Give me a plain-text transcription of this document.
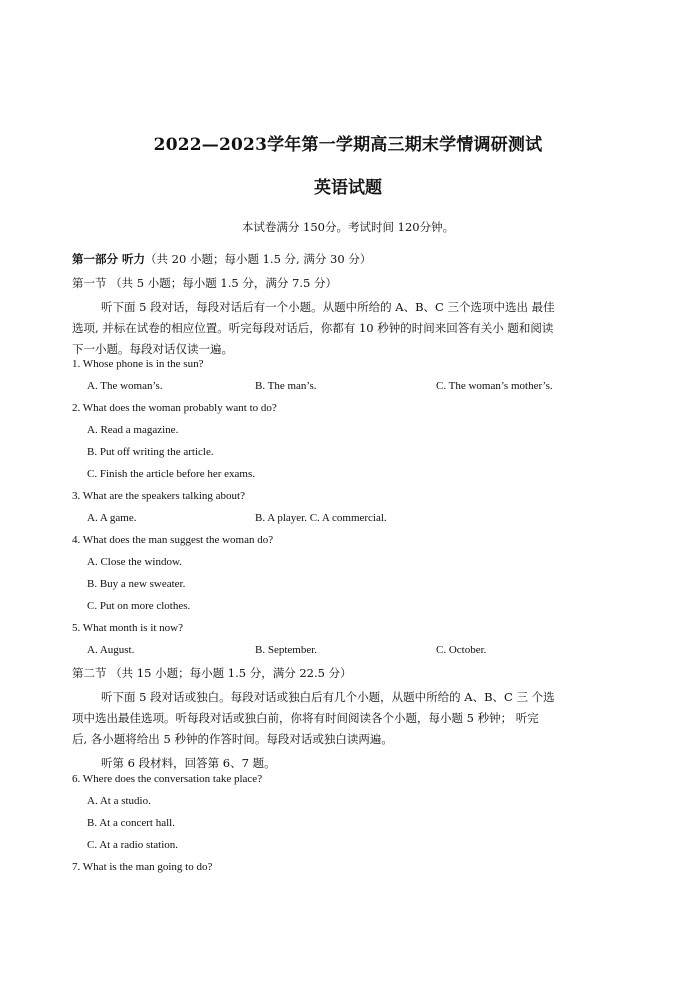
2022—2023学年第一学期高三期末学情调研测试
英语试题
本试卷满分 150分。考试时间 120分钟。
第一部分 听力（共 20 小题；每小题 1.5 分, 满分 30 分）
第一节 （共 5 小题；每小题 1.5 分，满分 7.5 分）
听下面 5 段对话，每段对话后有一个小题。从题中所给的 A、B、C 三个选项中选出 最佳
选项, 并标在试卷的相应位置。听完每段对话后，你都有 10 秒钟的时间来回答有关小 题和阅读
下一小题。每段对话仅读一遍。
1. Whose phone is in the sun?
A. The woman’s.	B. The man’s.	C. The woman’s mother’s.
2. What does the woman probably want to do?
A. Read a magazine.
B. Put off writing the article.
C. Finish the article before her exams.
3. What are the speakers talking about?
A. A game.	B. A player. C. A commercial.
4. What does the man suggest the woman do?
A. Close the window.
B. Buy a new sweater.
C. Put on more clothes.
5. What month is it now?
A. August.	B. September.	C. October.
第二节 （共 15 小题；每小题 1.5 分，满分 22.5 分）
听下面 5 段对话或独白。每段对话或独白后有几个小题，从题中所给的 A、B、C 三 个选
项中选出最佳选项。听每段对话或独白前，你将有时间阅读各个小题，每小题 5 秒钟； 听完
后, 各小题将给出 5 秒钟的作答时间。每段对话或独白读两遍。
听第 6 段材料，回答第 6、7 题。
6. Where does the conversation take place?
A. At a studio.
B. At a concert hall.
C. At a radio station.
7. What is the man going to do?
